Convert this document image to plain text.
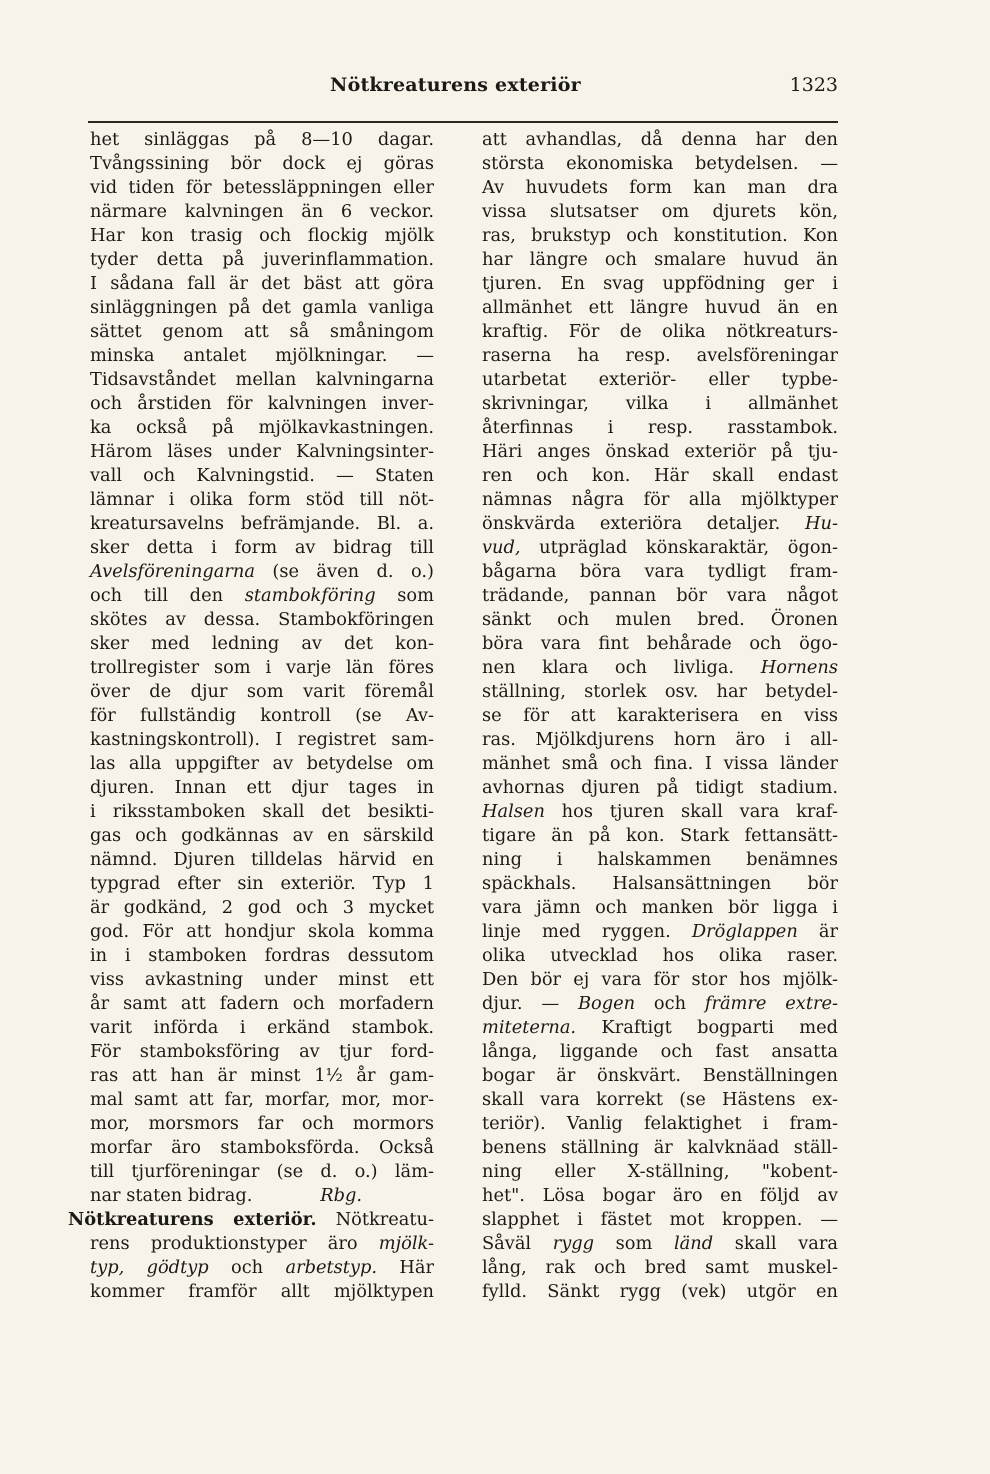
Nötkreaturens exteriör	1323
het sinläggas på 8—10 dagar.
Tvångssining bör dock ej göras
vid tiden för betessläppningen eller
närmare kalvningen än 6 veckor.
Har kon trasig och flockig mjölk
tyder detta på juverinflammation.
I sådana fall är det bäst att göra
sinläggningen på det gamla vanliga
sättet genom att så småningom
minska antalet mjölkningar. —
Tidsavståndet mellan kalvningarna
och årstiden för kalvningen inver-
ka också på mjölkavkastningen.
Härom läses under Kalvningsinter-
vall och Kalvningstid. — Staten
lämnar i olika form stöd till nöt-
kreatursavelns befrämjande. Bl. a.
sker detta i form av bidrag till
Avelsföreningarna (se även d. o.)
och till den stambokföring som
skötes av dessa. Stambokföringen
sker med ledning av det kon-
trollregister som i varje län föres
över de djur som varit föremål
för fullständig kontroll (se Av-
kastningskontroll). I registret sam-
las alla uppgifter av betydelse om
djuren. Innan ett djur tages in
i riksstamboken skall det besikti-
gas och godkännas av en särskild
nämnd. Djuren tilldelas härvid en
typgrad efter sin exteriör. Typ 1
är godkänd, 2 god och 3 mycket
god. För att hondjur skola komma
in i stamboken fordras dessutom
viss avkastning under minst ett
år samt att fadern och morfadern
varit införda i erkänd stambok.
För stamboksföring av tjur ford-
ras att han är minst 1½ år gam-
mal samt att far, morfar, mor, mor-
mor, morsmors far och mormors
morfar äro stamboksförda. Också
till tjurföreningar (se d. o.) läm-
nar staten bidrag.            Rbg.
Nötkreaturens exteriör. Nötkreatu-
rens produktionstyper äro mjölk-
typ, gödtyp och arbetstyp. Här
kommer framför allt mjölktypen
att avhandlas, då denna har den
största ekonomiska betydelsen. —
Av huvudets form kan man dra
vissa slutsatser om djurets kön,
ras, brukstyp och konstitution. Kon
har längre och smalare huvud än
tjuren. En svag uppfödning ger i
allmänhet ett längre huvud än en
kraftig. För de olika nötkreaturs-
raserna ha resp. avelsföreningar
utarbetat exteriör- eller typbe-
skrivningar, vilka i allmänhet
återfinnas i resp. rasstambok.
Häri anges önskad exteriör på tju-
ren och kon. Här skall endast
nämnas några för alla mjölktyper
önskvärda exteriöra detaljer. Hu-
vud, utpräglad könskaraktär, ögon-
bågarna böra vara tydligt fram-
trädande, pannan bör vara något
sänkt och mulen bred. Öronen
böra vara fint behårade och ögo-
nen klara och livliga. Hornens
ställning, storlek osv. har betydel-
se för att karakterisera en viss
ras. Mjölkdjurens horn äro i all-
mänhet små och fina. I vissa länder
avhornas djuren på tidigt stadium.
Halsen hos tjuren skall vara kraf-
tigare än på kon. Stark fettansätt-
ning i halskammen benämnes
späckhals. Halsansättningen bör
vara jämn och manken bör ligga i
linje med ryggen. Dröglappen är
olika utvecklad hos olika raser.
Den bör ej vara för stor hos mjölk-
djur. — Bogen och främre extre-
miteterna. Kraftigt bogparti med
långa, liggande och fast ansatta
bogar är önskvärt. Benställningen
skall vara korrekt (se Hästens ex-
teriör). Vanlig felaktighet i fram-
benens ställning är kalvknäad ställ-
ning eller X-ställning, "kobent-
het". Lösa bogar äro en följd av
slapphet i fästet mot kroppen. —
Såväl rygg som länd skall vara
lång, rak och bred samt muskel-
fylld. Sänkt rygg (vek) utgör en
